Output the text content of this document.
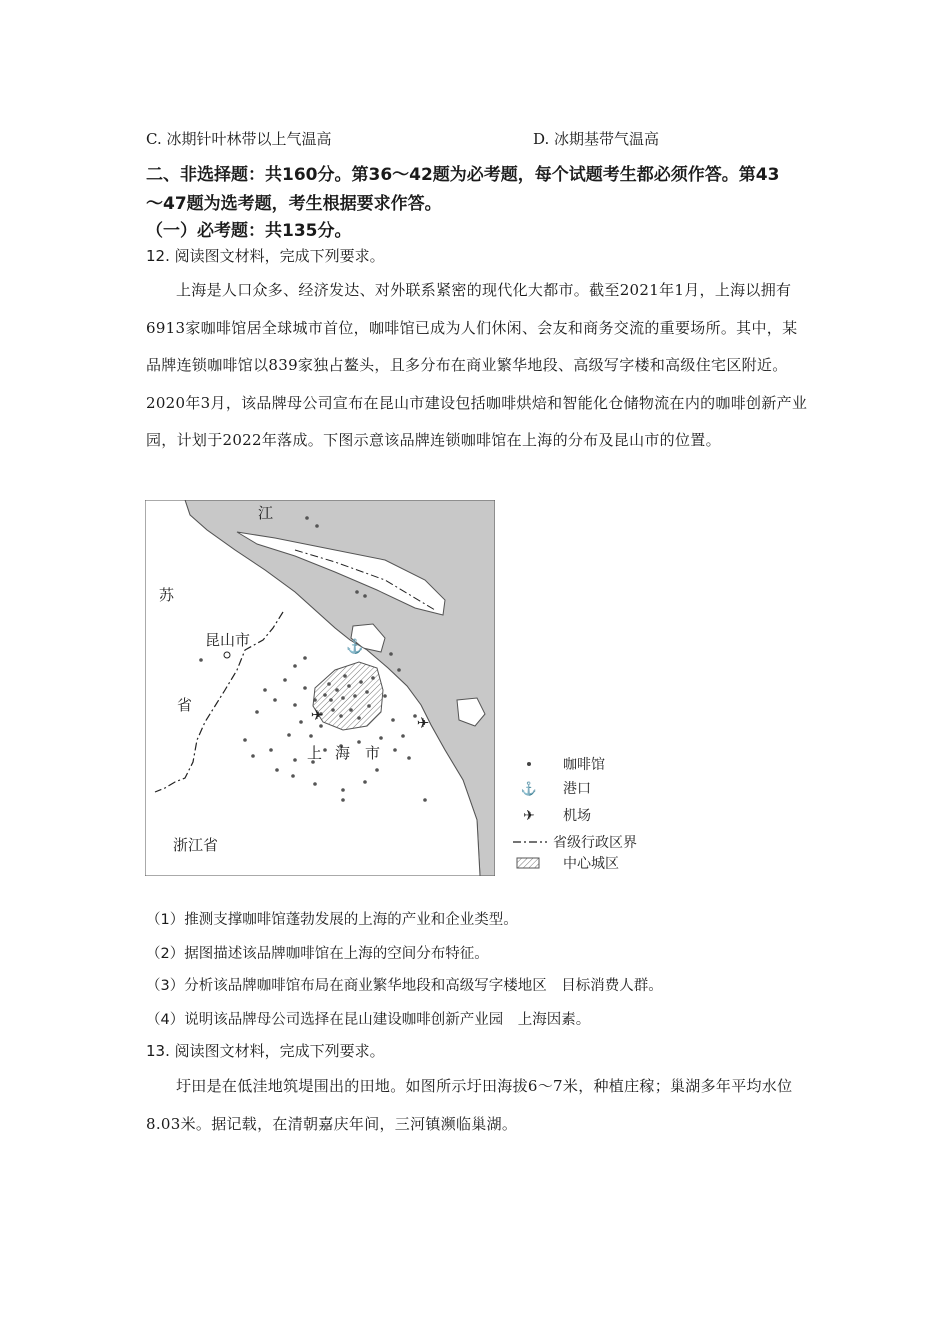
C. 冰期针叶林带以上气温高	D. 冰期基带气温高
二、非选择题：共160分。第36～42题为必考题，每个试题考生都必须作答。第43
～47题为选考题，考生根据要求作答。
（一）必考题：共135分。
12. 阅读图文材料，完成下列要求。
上海是人口众多、经济发达、对外联系紧密的现代化大都市。截至2021年1月，上海以拥有6913家咖啡馆居全球城市首位，咖啡馆已成为人们休闲、会友和商务交流的重要场所。其中，某品牌连锁咖啡馆以839家独占鳌头，且多分布在商业繁华地段、高级写字楼和高级住宅区附近。2020年3月，该品牌母公司宣布在昆山市建设包括咖啡烘焙和智能化仓储物流在内的咖啡创新产业园，计划于2022年落成。下图示意该品牌连锁咖啡馆在上海的分布及昆山市的位置。
⚓
✈	✈
江
苏
昆山市
省
上 海 市
浙江省
咖啡馆
⚓ 港口
✈ 机场
省级行政区界
中心城区
（1）推测支撑咖啡馆蓬勃发展的上海的产业和企业类型。
（2）据图描述该品牌咖啡馆在上海的空间分布特征。
（3）分析该品牌咖啡馆布局在商业繁华地段和高级写字楼地区　目标消费人群。
（4）说明该品牌母公司选择在昆山建设咖啡创新产业园　上海因素。
13. 阅读图文材料，完成下列要求。
圩田是在低洼地筑堤围出的田地。如图所示圩田海拔6～7米，种植庄稼；巢湖多年平均水位8.03米。据记载，在清朝嘉庆年间，三河镇濒临巢湖。
